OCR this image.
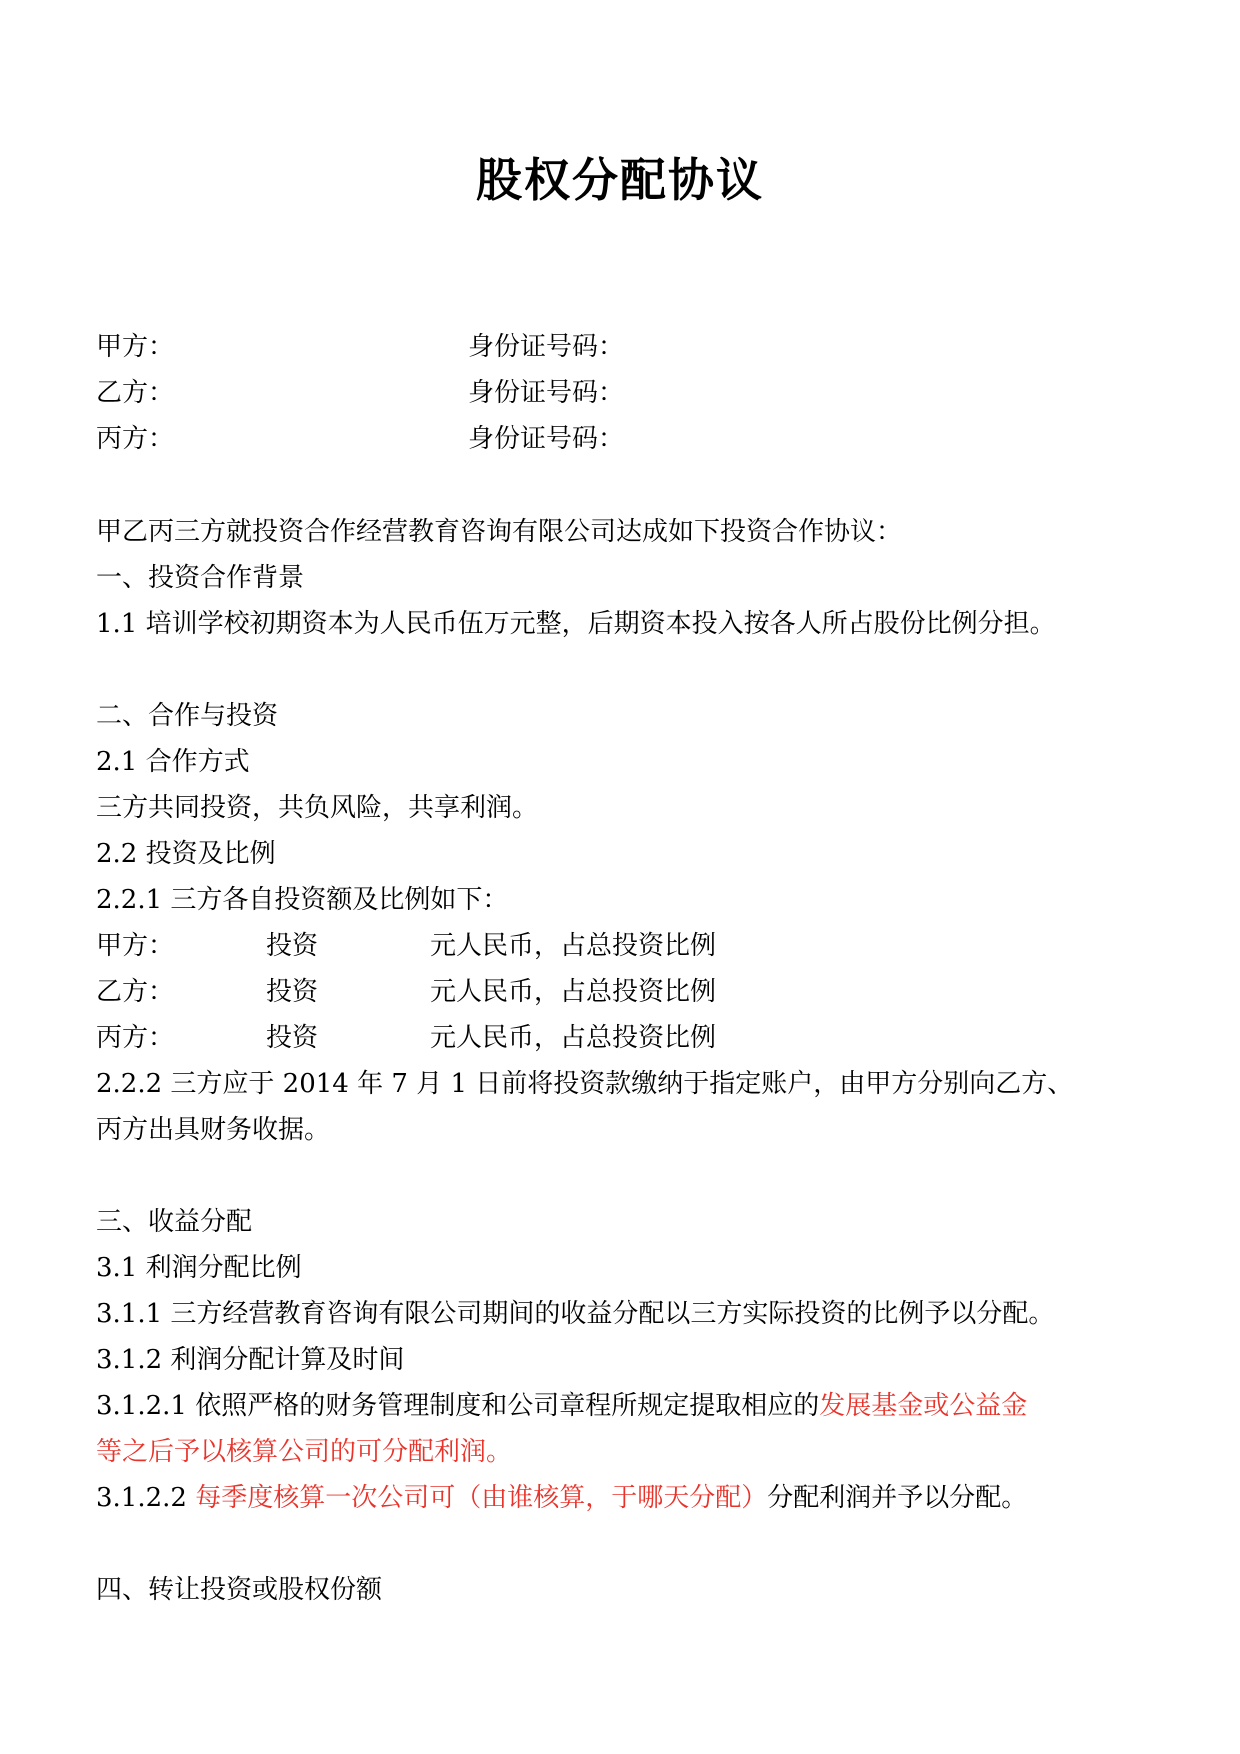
股权分配协议
甲方：	身份证号码：
乙方：	身份证号码：
丙方：	身份证号码：
甲乙丙三方就投资合作经营教育咨询有限公司达成如下投资合作协议：
一、投资合作背景
1.1 培训学校初期资本为人民币伍万元整，后期资本投入按各人所占股份比例分担。
二、合作与投资
2.1 合作方式
三方共同投资，共负风险，共享利润。
2.2 投资及比例
2.2.1 三方各自投资额及比例如下：
甲方：	投资	元人民币，占总投资比例
乙方：	投资	元人民币，占总投资比例
丙方：	投资	元人民币，占总投资比例
2.2.2 三方应于 2014 年 7 月 1 日前将投资款缴纳于指定账户，由甲方分别向乙方、
丙方出具财务收据。
三、收益分配
3.1 利润分配比例
3.1.1 三方经营教育咨询有限公司期间的收益分配以三方实际投资的比例予以分配。
3.1.2 利润分配计算及时间
3.1.2.1 依照严格的财务管理制度和公司章程所规定提取相应的发展基金或公益金
等之后予以核算公司的可分配利润。
3.1.2.2 每季度核算一次公司可（由谁核算，于哪天分配）分配利润并予以分配。
四、转让投资或股权份额
